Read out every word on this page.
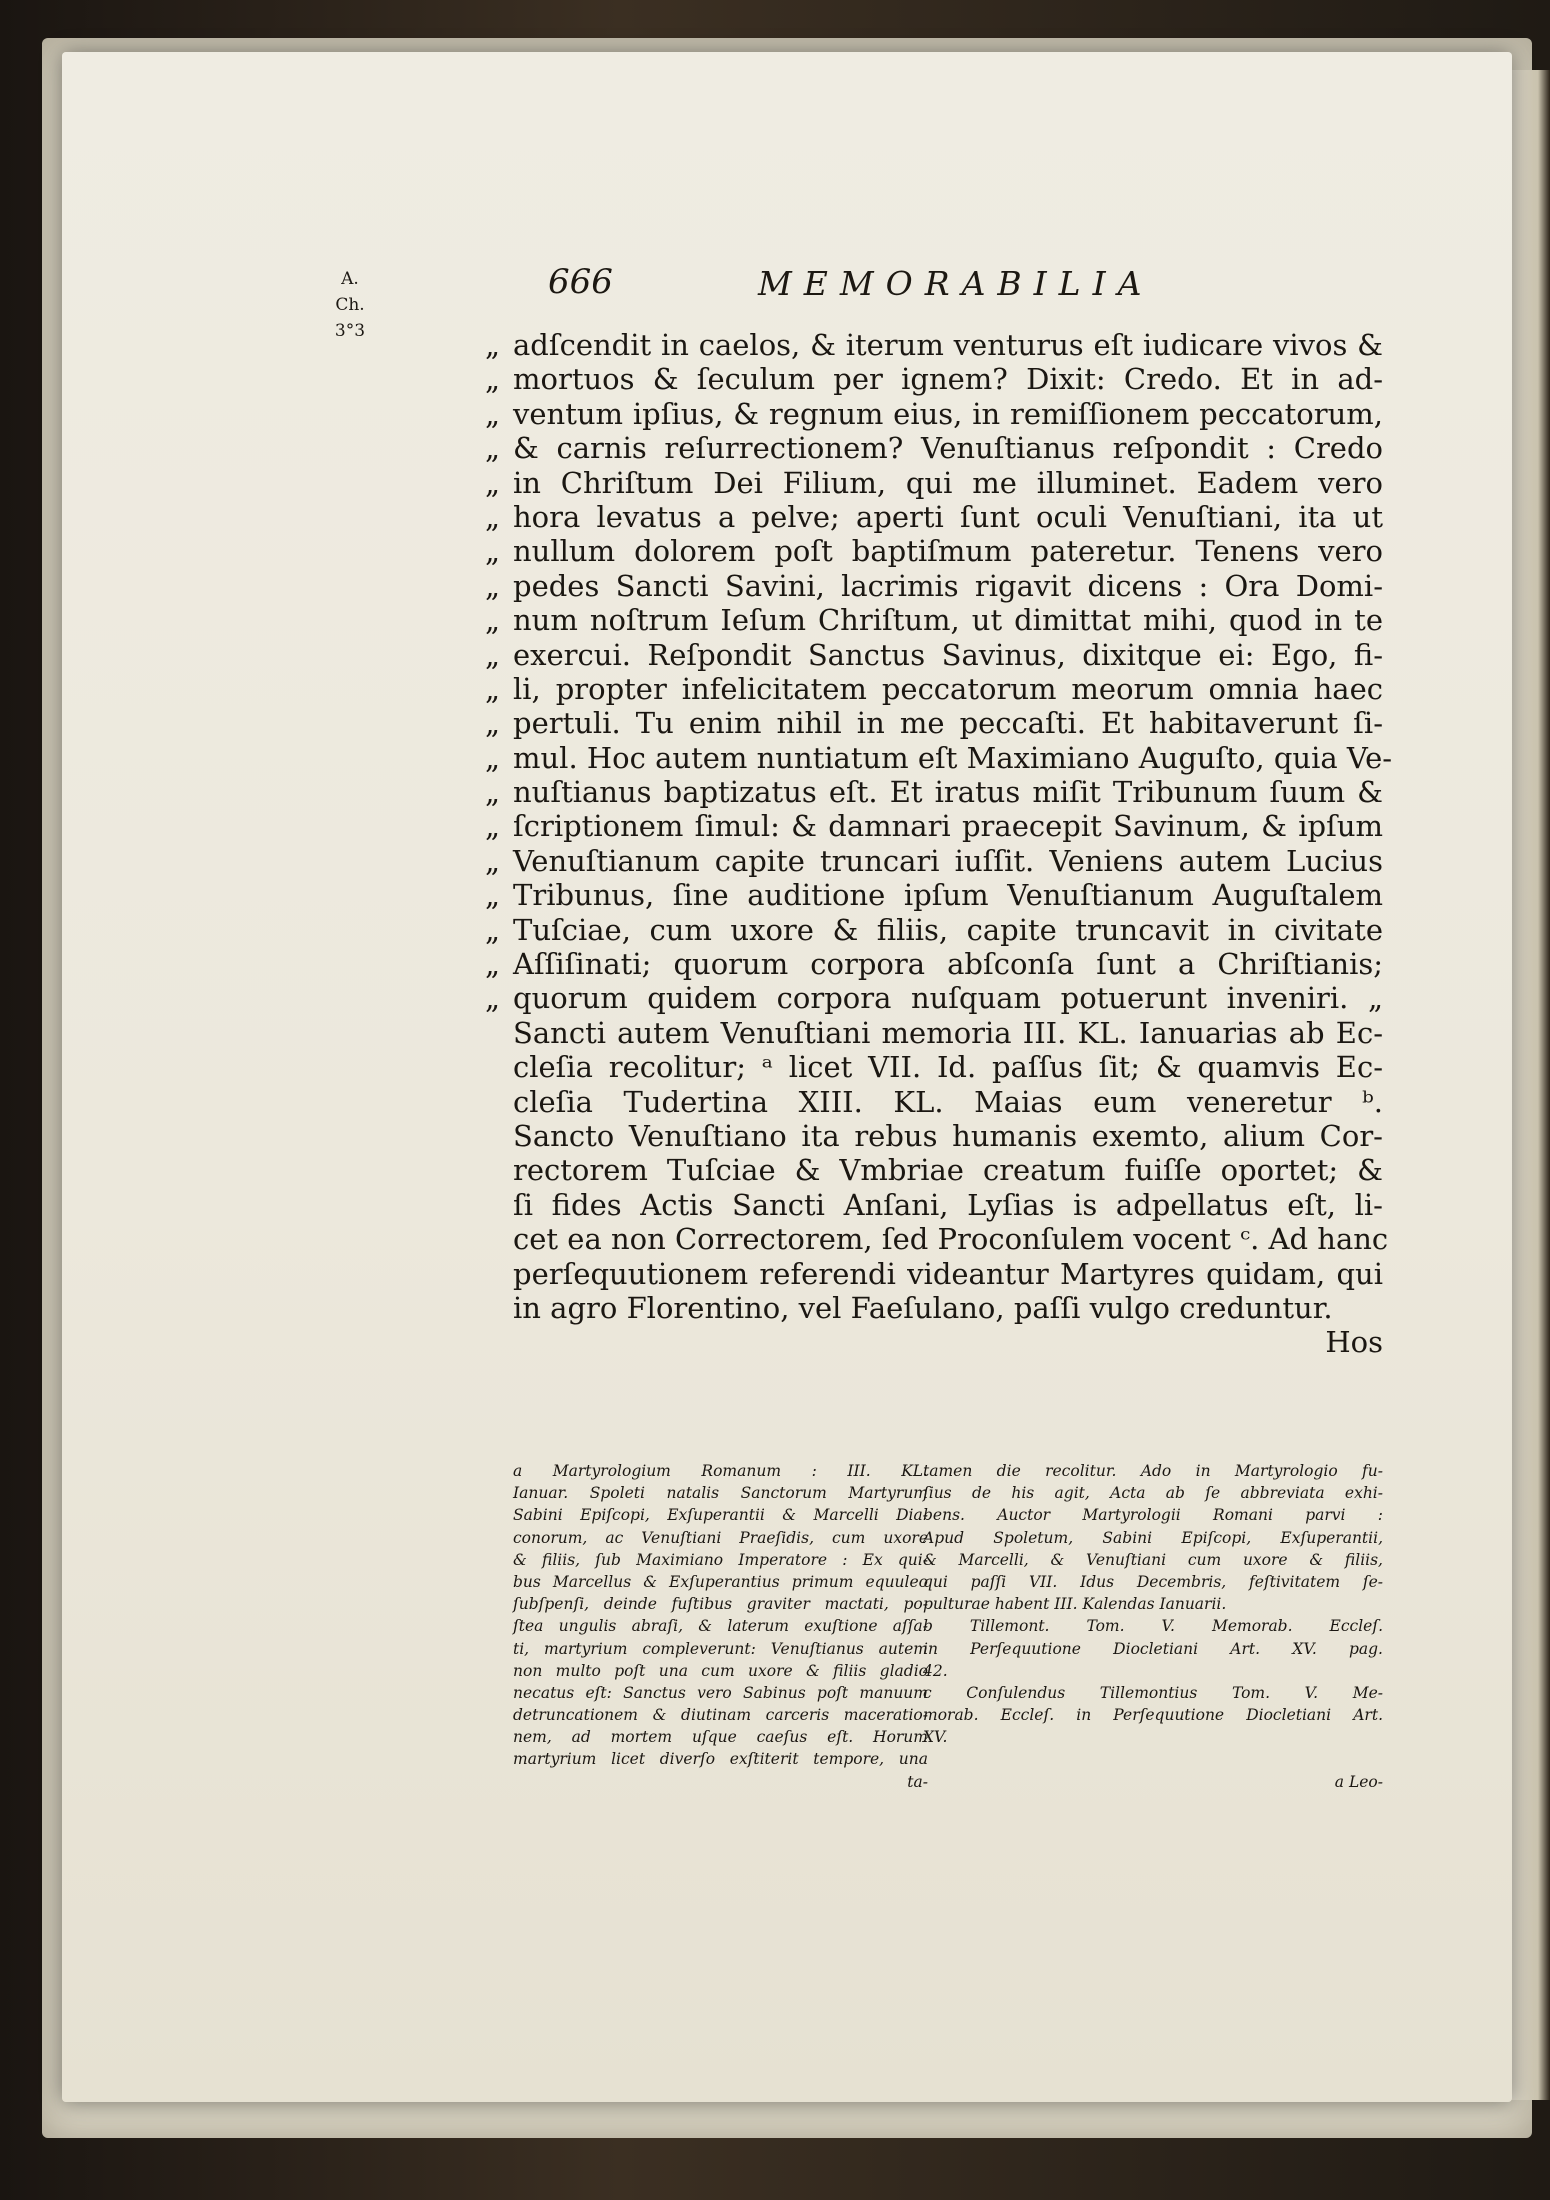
A. Ch.
3°3
666	MEMORABILIA
adſcendit in caelos, & iterum venturus eſt iudicare vivos &
mortuos & ſeculum per ignem? Dixit: Credo. Et in ad-
ventum ipſius, & regnum eius, in remiſſionem peccatorum,
& carnis reſurrectionem? Venuſtianus reſpondit : Credo
in Chriſtum Dei Filium, qui me illuminet. Eadem vero
hora levatus a pelve; aperti ſunt oculi Venuſtiani, ita ut
nullum dolorem poſt baptiſmum pateretur. Tenens vero
pedes Sancti Savini, lacrimis rigavit dicens : Ora Domi-
num noſtrum Ieſum Chriſtum, ut dimittat mihi, quod in te
exercui. Reſpondit Sanctus Savinus, dixitque ei: Ego, fi-
li, propter infelicitatem peccatorum meorum omnia haec
pertuli. Tu enim nihil in me peccaſti. Et habitaverunt ſi-
mul. Hoc autem nuntiatum eſt Maximiano Auguſto, quia Ve-
nuſtianus baptizatus eſt. Et iratus miſit Tribunum ſuum &
ſcriptionem ſimul: & damnari praecepit Savinum, & ipſum
Venuſtianum capite truncari iuſſit. Veniens autem Lucius
Tribunus, ſine auditione ipſum Venuſtianum Auguſtalem
Tuſciae, cum uxore & filiis, capite truncavit in civitate
Aſſiſinati; quorum corpora abſconſa ſunt a Chriſtianis;
quorum quidem corpora nuſquam potuerunt inveniri. „
Sancti autem Venuſtiani memoria III. KL. Ianuarias ab Ec-
cleſia recolitur; ᵃ licet VII. Id. paſſus ſit; & quamvis Ec-
cleſia Tudertina XIII. KL. Maias eum veneretur ᵇ.
Sancto Venuſtiano ita rebus humanis exemto, alium Cor-
rectorem Tuſciae & Vmbriae creatum fuiſſe oportet; &
ſi fides Actis Sancti Anſani, Lyſias is adpellatus eſt, li-
cet ea non Correctorem, ſed Proconſulem vocent ᶜ. Ad hanc
perſequutionem referendi videantur Martyres quidam, qui
in agro Florentino, vel Faeſulano, paſſi vulgo creduntur.
Hos
a Martyrologium Romanum : III. KL.
Ianuar. Spoleti natalis Sanctorum Martyrum
Sabini Epiſcopi, Exſuperantii & Marcelli Dia-
conorum, ac Venuſtiani Praeſidis, cum uxore
& filiis, ſub Maximiano Imperatore : Ex qui-
bus Marcellus & Exſuperantius primum equuleo
ſubſpenſi, deinde fuſtibus graviter mactati, po-
ſtea ungulis abraſi, & laterum exuſtione aſſa-
ti, martyrium compleverunt: Venuſtianus autem
non multo poſt una cum uxore & filiis gladio
necatus eſt: Sanctus vero Sabinus poſt manuum
detruncationem & diutinam carceris maceratio-
nem, ad mortem uſque caeſus eſt. Horum
martyrium licet diverſo exſtiterit tempore, una
ta-
tamen die recolitur. Ado in Martyrologio fu-
ſius de his agit, Acta ab ſe abbreviata exhi-
bens. Auctor Martyrologii Romani parvi :
Apud Spoletum, Sabini Epiſcopi, Exſuperantii,
& Marcelli, & Venuſtiani cum uxore & filiis,
qui paſſi VII. Idus Decembris, feſtivitatem ſe-
pulturae habent III. Kalendas Ianuarii.
b Tillemont. Tom. V. Memorab. Eccleſ.
in Perſequutione Diocletiani Art. XV. pag.
42.
c Conſulendus Tillemontius Tom. V. Me-
morab. Eccleſ. in Perſequutione Diocletiani Art.
XV.
a Leo-
